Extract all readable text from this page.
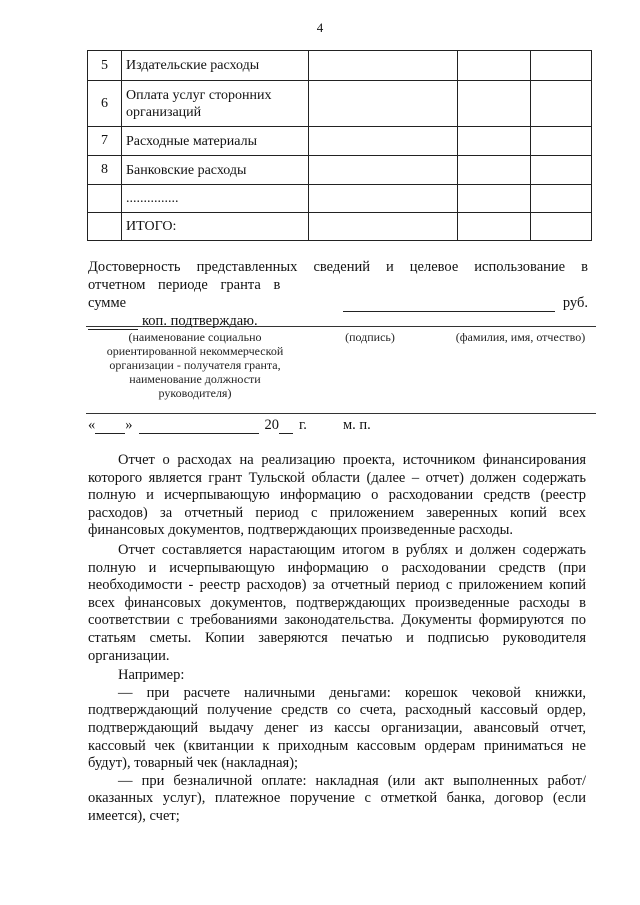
4
5	Издательские расходы			
6	Оплата услуг сторонних организаций			
7	Расходные материалы			
8	Банковские расходы			
	...............			
	ИТОГО:			
Достоверность представленных сведений и целевое использование в
отчетном периоде гранта в сумме	руб.
коп. подтверждаю.
(наименование социально ориентированной некоммерческой организации - получателя гранта, наименование должности руководителя)
(подпись)	(фамилия, имя, отчество)
« »	20 г. м. п.

Отчет о расходах на реализацию проекта, источником финансирования которого является грант Тульской области (далее – отчет) должен содержать полную и исчерпывающую информацию о расходовании средств (реестр расходов) за отчетный период с приложением заверенных копий всех финансовых документов, подтверждающих произведенные расходы.

Отчет составляется нарастающим итогом в рублях и должен содержать полную и исчерпывающую информацию о расходовании средств (при необходимости - реестр расходов) за отчетный период с приложением копий всех финансовых документов, подтверждающих произведенные расходы в соответствии с требованиями законодательства. Документы формируются по статьям сметы. Копии заверяются печатью и подписью руководителя организации.

Например:

— при расчете наличными деньгами: корешок чековой книжки, подтверждающий получение средств со счета, расходный кассовый ордер, подтверждающий выдачу денег из кассы организации, авансовый отчет, кассовый чек (квитанции к приходным кассовым ордерам приниматься не будут), товарный чек (накладная);

— при безналичной оплате: накладная (или акт выполненных работ/ оказанных услуг), платежное поручение с отметкой банка, договор (если имеется), счет;
